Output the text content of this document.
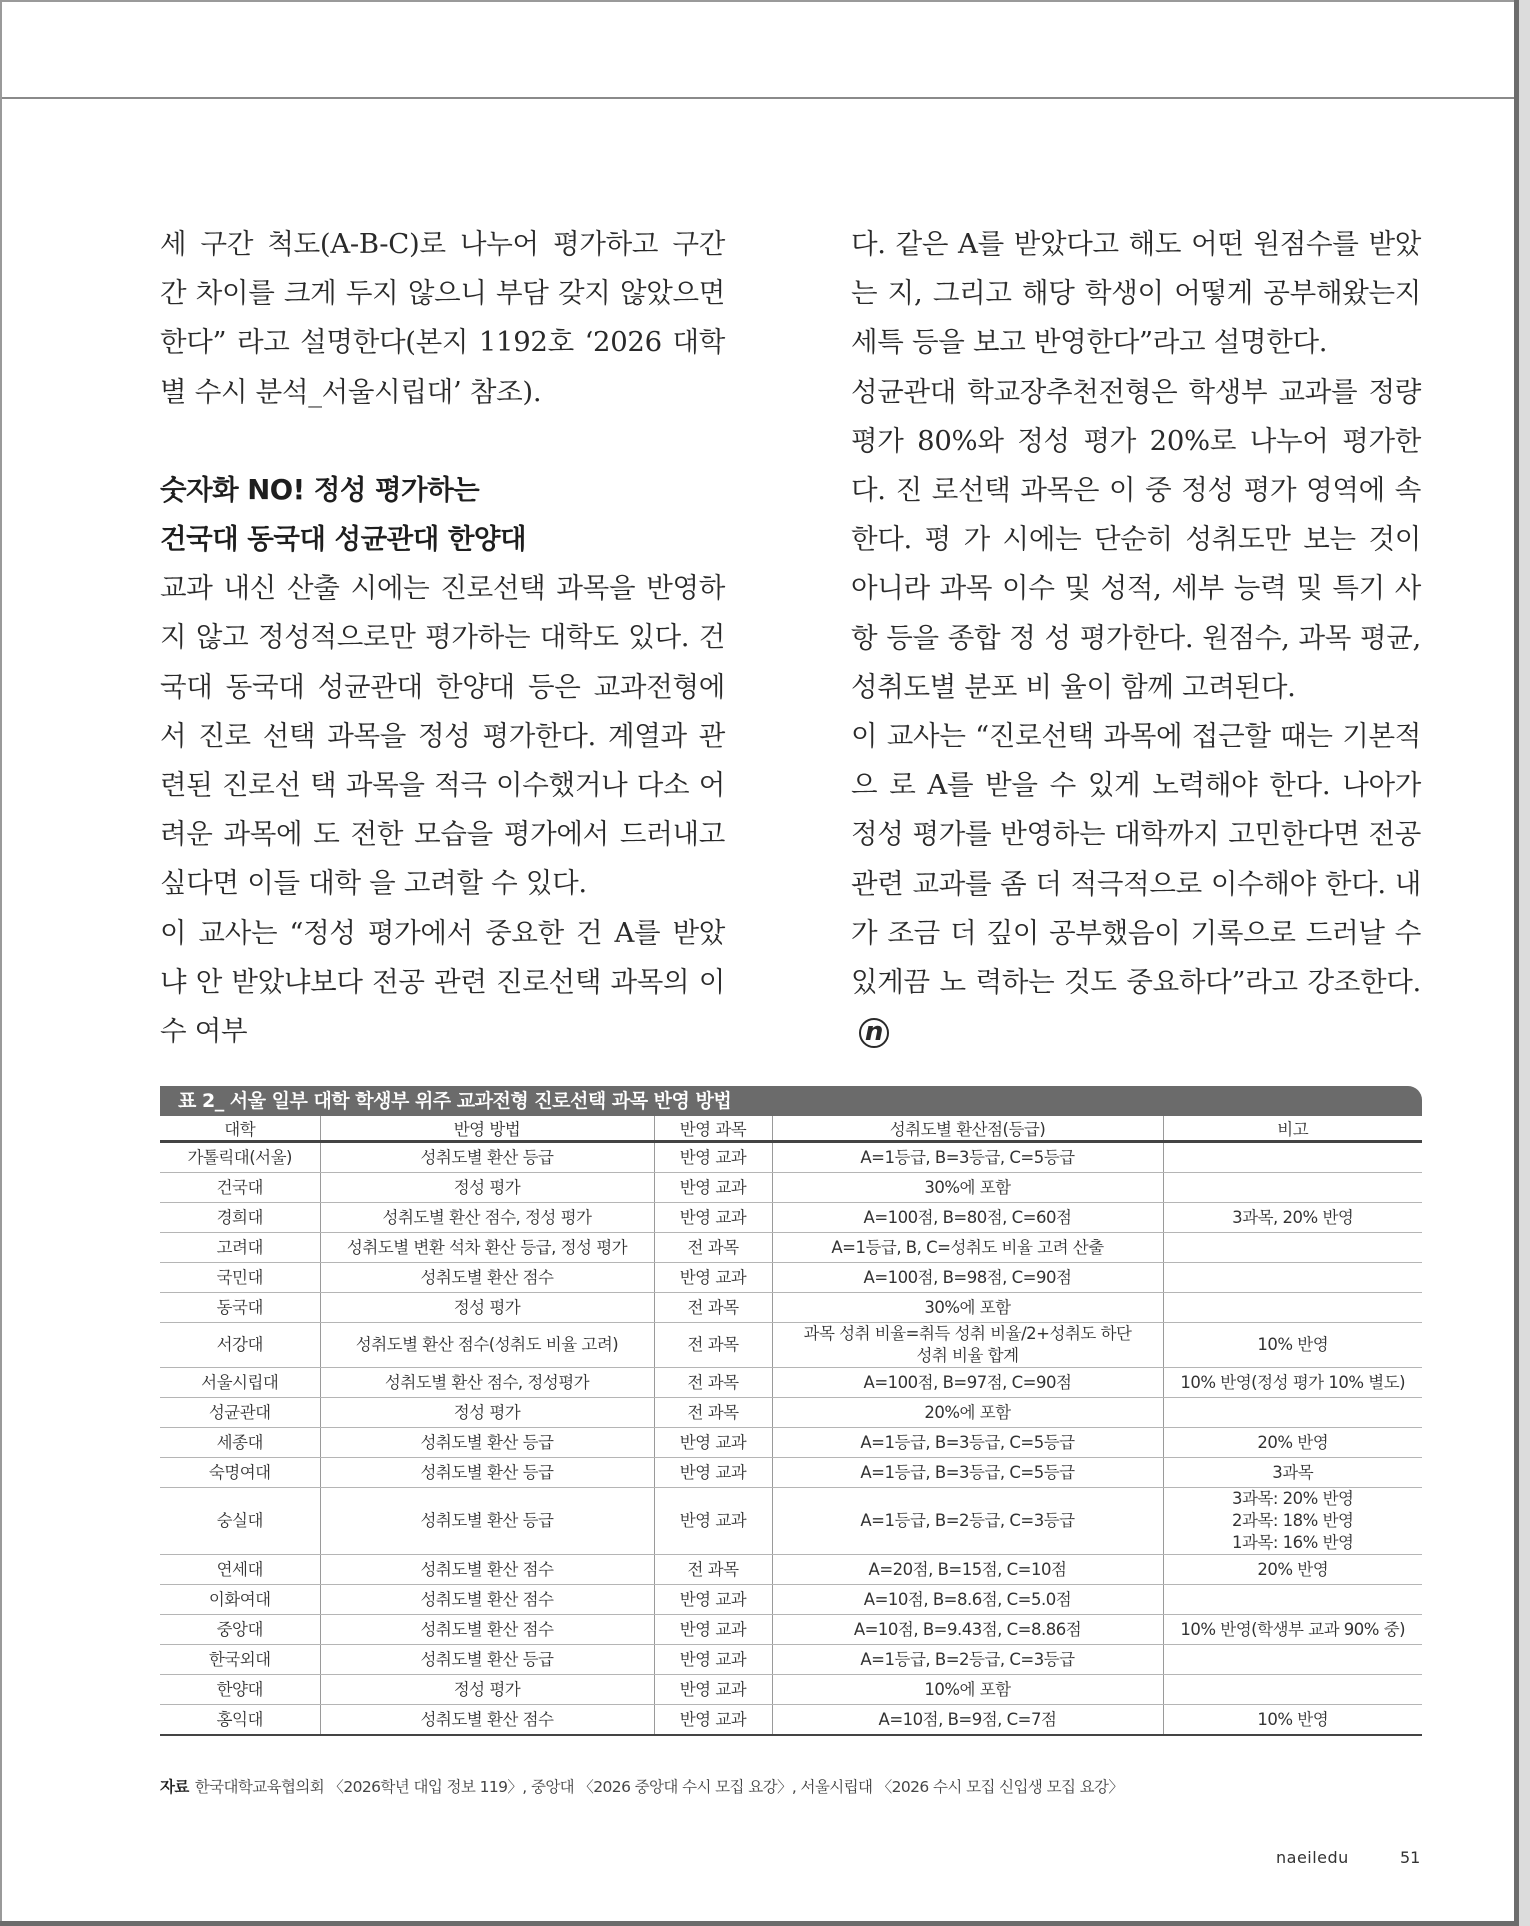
세 구간 척도(A-B-C)로 나누어 평가하고 구간 간 차이를 크게 두지 않으니 부담 갖지 않았으면 한다” 라고 설명한다(본지 1192호 ‘2026 대학별 수시 분석_서울시립대’ 참조).

숫자화 NO! 정성 평가하는
건국대 동국대 성균관대 한양대

교과 내신 산출 시에는 진로선택 과목을 반영하지 않고 정성적으로만 평가하는 대학도 있다. 건국대 동국대 성균관대 한양대 등은 교과전형에서 진로 선택 과목을 정성 평가한다. 계열과 관련된 진로선 택 과목을 적극 이수했거나 다소 어려운 과목에 도 전한 모습을 평가에서 드러내고 싶다면 이들 대학 을 고려할 수 있다.

이 교사는 “정성 평가에서 중요한 건 A를 받았냐 안 받았냐보다 전공 관련 진로선택 과목의 이수 여부

다. 같은 A를 받았다고 해도 어떤 원점수를 받았는 지, 그리고 해당 학생이 어떻게 공부해왔는지 세특 등을 보고 반영한다”라고 설명한다.

성균관대 학교장추천전형은 학생부 교과를 정량 평가 80%와 정성 평가 20%로 나누어 평가한다. 진 로선택 과목은 이 중 정성 평가 영역에 속한다. 평 가 시에는 단순히 성취도만 보는 것이 아니라 과목 이수 및 성적, 세부 능력 및 특기 사항 등을 종합 정 성 평가한다. 원점수, 과목 평균, 성취도별 분포 비 율이 함께 고려된다.

이 교사는 “진로선택 과목에 접근할 때는 기본적으 로 A를 받을 수 있게 노력해야 한다. 나아가 정성 평가를 반영하는 대학까지 고민한다면 전공 관련 교과를 좀 더 적극적으로 이수해야 한다. 내가 조금 더 깊이 공부했음이 기록으로 드러날 수 있게끔 노 력하는 것도 중요하다”라고 강조한다.n

표 2_ 서울 일부 대학 학생부 위주 교과전형 진로선택 과목 반영 방법
대학	반영 방법	반영 과목	성취도별 환산점(등급)	비고
가톨릭대(서울)	성취도별 환산 등급	반영 교과	A=1등급, B=3등급, C=5등급	
건국대	정성 평가	반영 교과	30%에 포함	
경희대	성취도별 환산 점수, 정성 평가	반영 교과	A=100점, B=80점, C=60점	3과목, 20% 반영
고려대	성취도별 변환 석차 환산 등급, 정성 평가	전 과목	A=1등급, B, C=성취도 비율 고려 산출	
국민대	성취도별 환산 점수	반영 교과	A=100점, B=98점, C=90점	
동국대	정성 평가	전 과목	30%에 포함	
서강대	성취도별 환산 점수(성취도 비율 고려)	전 과목	과목 성취 비율=취득 성취 비율/2+성취도 하단
성취 비율 합계	10% 반영
서울시립대	성취도별 환산 점수, 정성평가	전 과목	A=100점, B=97점, C=90점	10% 반영(정성 평가 10% 별도)
성균관대	정성 평가	전 과목	20%에 포함	
세종대	성취도별 환산 등급	반영 교과	A=1등급, B=3등급, C=5등급	20% 반영
숙명여대	성취도별 환산 등급	반영 교과	A=1등급, B=3등급, C=5등급	3과목
숭실대	성취도별 환산 등급	반영 교과	A=1등급, B=2등급, C=3등급	3과목: 20% 반영
2과목: 18% 반영
1과목: 16% 반영
연세대	성취도별 환산 점수	전 과목	A=20점, B=15점, C=10점	20% 반영
이화여대	성취도별 환산 점수	반영 교과	A=10점, B=8.6점, C=5.0점	
중앙대	성취도별 환산 점수	반영 교과	A=10점, B=9.43점, C=8.86점	10% 반영(학생부 교과 90% 중)
한국외대	성취도별 환산 등급	반영 교과	A=1등급, B=2등급, C=3등급	
한양대	정성 평가	반영 교과	10%에 포함	
홍익대	성취도별 환산 점수	반영 교과	A=10점, B=9점, C=7점	10% 반영
자료 한국대학교육협의회 〈2026학년 대입 정보 119〉, 중앙대 〈2026 중앙대 수시 모집 요강〉, 서울시립대 〈2026 수시 모집 신입생 모집 요강〉
naeiledu	51
